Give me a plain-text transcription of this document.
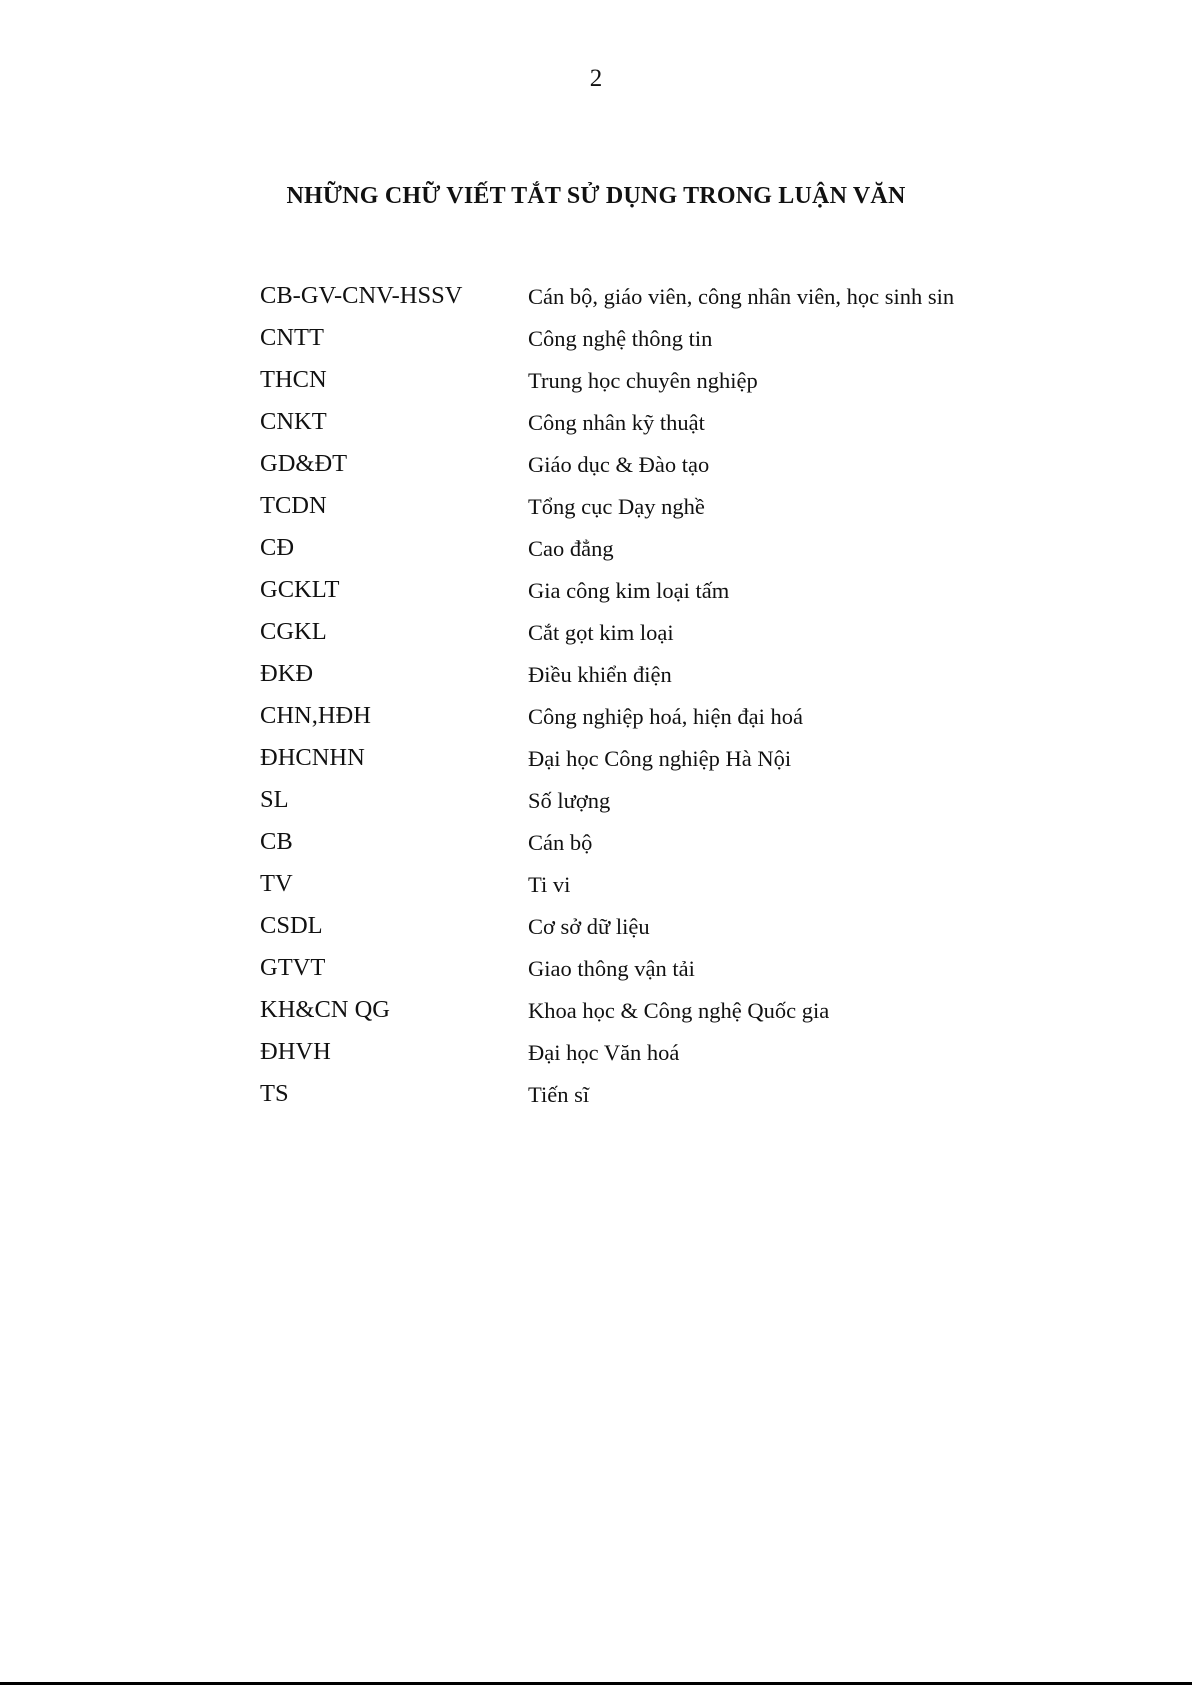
2
NHỮNG CHỮ VIẾT TẮT SỬ DỤNG TRONG LUẬN VĂN
CB-GV-CNV-HSSV	Cán bộ, giáo viên, công nhân viên, học sinh sin
CNTT	Công nghệ thông tin
THCN	Trung học chuyên nghiệp
CNKT	Công nhân kỹ thuật
GD&ĐT	Giáo dục & Đào tạo
TCDN	Tổng cục Dạy nghề
CĐ	Cao đẳng
GCKLT	Gia công kim loại tấm
CGKL	Cắt gọt kim loại
ĐKĐ	Điều khiển điện
CHN,HĐH	Công nghiệp hoá, hiện đại hoá
ĐHCNHN	Đại học Công nghiệp Hà Nội
SL	Số lượng
CB	Cán bộ
TV	Ti vi
CSDL	Cơ sở dữ liệu
GTVT	Giao thông vận tải
KH&CN QG	Khoa học & Công nghệ Quốc gia
ĐHVH	Đại học Văn hoá
TS	Tiến sĩ
